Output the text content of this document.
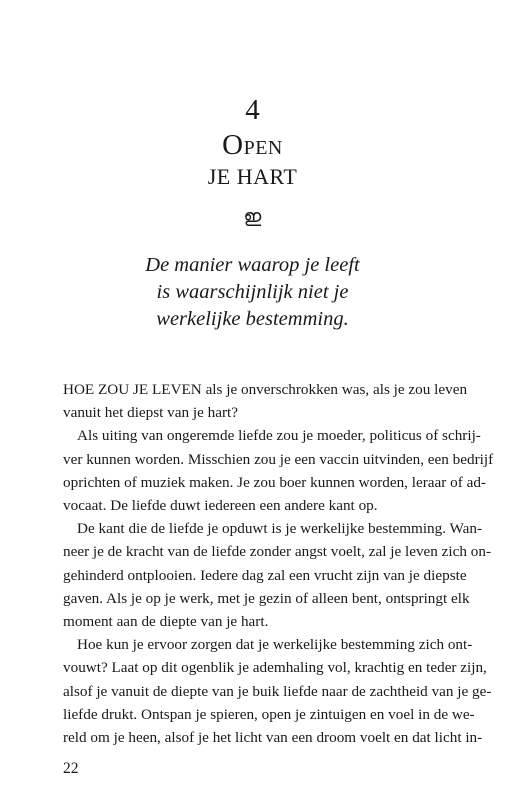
4
Open
JE HART
ഇ
De manier waarop je leeft
is waarschijnlijk niet je
werkelijke bestemming.
HOE ZOU JE LEVEN als je onverschrokken was, als je zou leven
vanuit het diepst van je hart?
Als uiting van ongeremde liefde zou je moeder, politicus of schrij-
ver kunnen worden. Misschien zou je een vaccin uitvinden, een bedrijf
oprichten of muziek maken. Je zou boer kunnen worden, leraar of ad-
vocaat. De liefde duwt iedereen een andere kant op.
De kant die de liefde je opduwt is je werkelijke bestemming. Wan-
neer je de kracht van de liefde zonder angst voelt, zal je leven zich on-
gehinderd ontplooien. Iedere dag zal een vrucht zijn van je diepste
gaven. Als je op je werk, met je gezin of alleen bent, ontspringt elk
moment aan de diepte van je hart.
Hoe kun je ervoor zorgen dat je werkelijke bestemming zich ont-
vouwt? Laat op dit ogenblik je ademhaling vol, krachtig en teder zijn,
alsof je vanuit de diepte van je buik liefde naar de zachtheid van je ge-
liefde drukt. Ontspan je spieren, open je zintuigen en voel in de we-
reld om je heen, alsof je het licht van een droom voelt en dat licht in-
22
